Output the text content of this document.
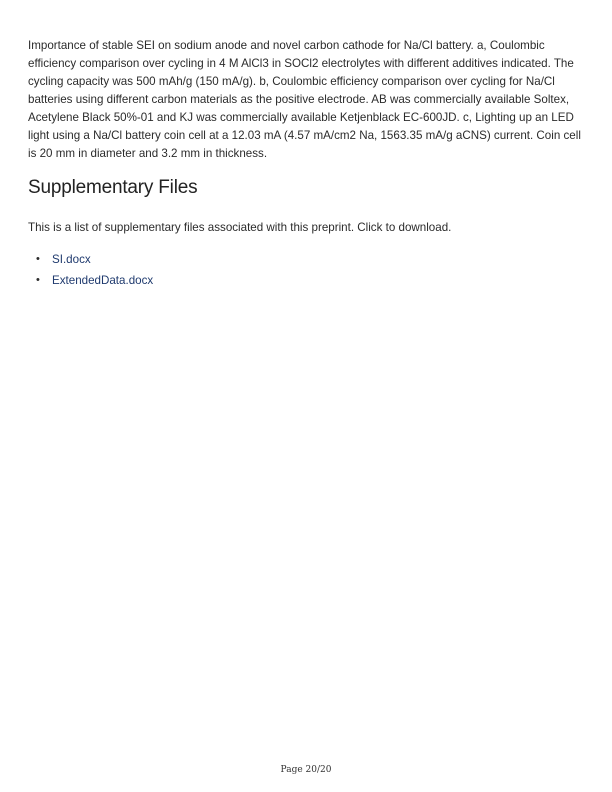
Importance of stable SEI on sodium anode and novel carbon cathode for Na/Cl battery. a, Coulombic efficiency comparison over cycling in 4 M AlCl3 in SOCl2 electrolytes with different additives indicated. The cycling capacity was 500 mAh/g (150 mA/g). b, Coulombic efficiency comparison over cycling for Na/Cl batteries using different carbon materials as the positive electrode. AB was commercially available Soltex, Acetylene Black 50%-01 and KJ was commercially available Ketjenblack EC-600JD. c, Lighting up an LED light using a Na/Cl battery coin cell at a 12.03 mA (4.57 mA/cm2 Na, 1563.35 mA/g aCNS) current. Coin cell is 20 mm in diameter and 3.2 mm in thickness.

Supplementary Files

This is a list of supplementary files associated with this preprint. Click to download.

• SI.docx
• ExtendedData.docx
Page 20/20
